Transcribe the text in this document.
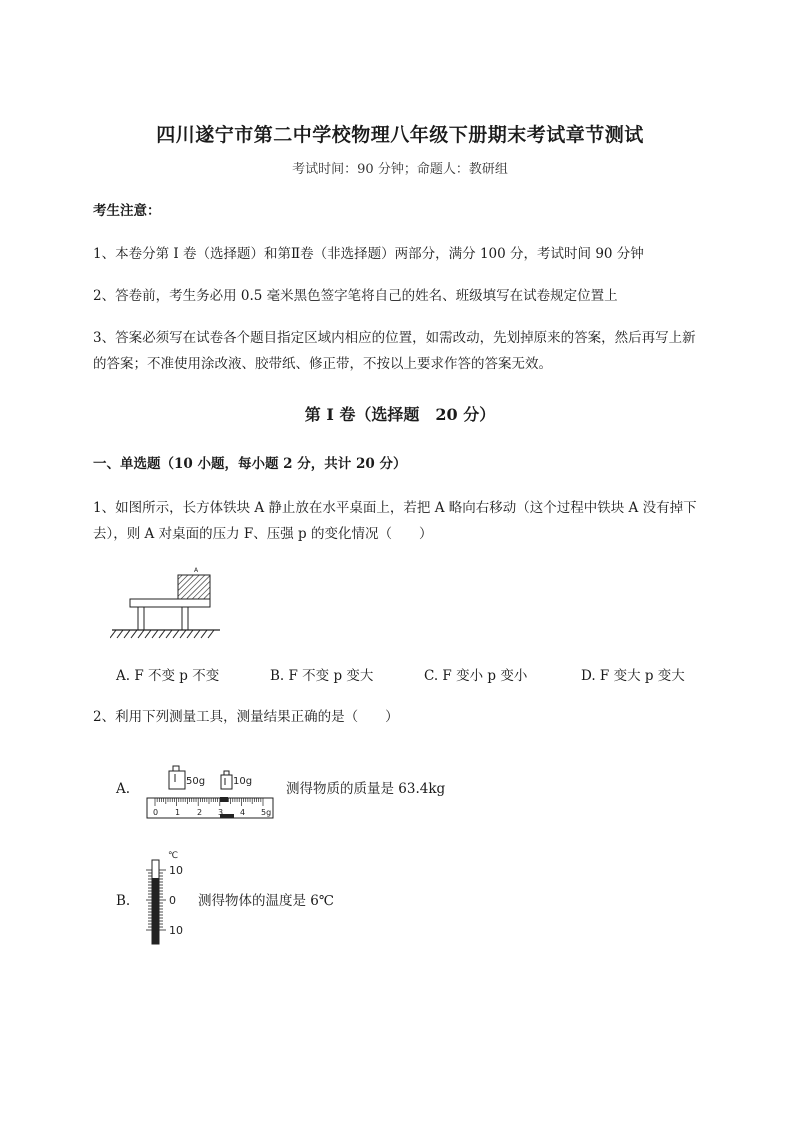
四川遂宁市第二中学校物理八年级下册期末考试章节测试
考试时间：90 分钟；命题人：教研组
考生注意：
1、本卷分第 I 卷（选择题）和第Ⅱ卷（非选择题）两部分，满分 100 分，考试时间 90 分钟
2、答卷前，考生务必用 0.5 毫米黑色签字笔将自己的姓名、班级填写在试卷规定位置上
3、答案必须写在试卷各个题目指定区域内相应的位置，如需改动，先划掉原来的答案，然后再写上新
的答案；不准使用涂改液、胶带纸、修正带，不按以上要求作答的答案无效。
第 I 卷（选择题　20 分）
一、单选题（10 小题，每小题 2 分，共计 20 分）
1、如图所示，长方体铁块 A 静止放在水平桌面上，若把 A 略向右移动（这个过程中铁块 A 没有掉下
去），则 A 对桌面的压力 F、压强 p 的变化情况（　　）
A
A. F 不变 p 不变	B. F 不变 p 变大	C. F 变小 p 变小	D. F 变大 p 变大
2、利用下列测量工具，测量结果正确的是（　　）
A.	50g	10g
0 1 2 3 4 5g
测得物质的质量是 63.4kg
B.
℃
10
0
10
测得物体的温度是 6℃
